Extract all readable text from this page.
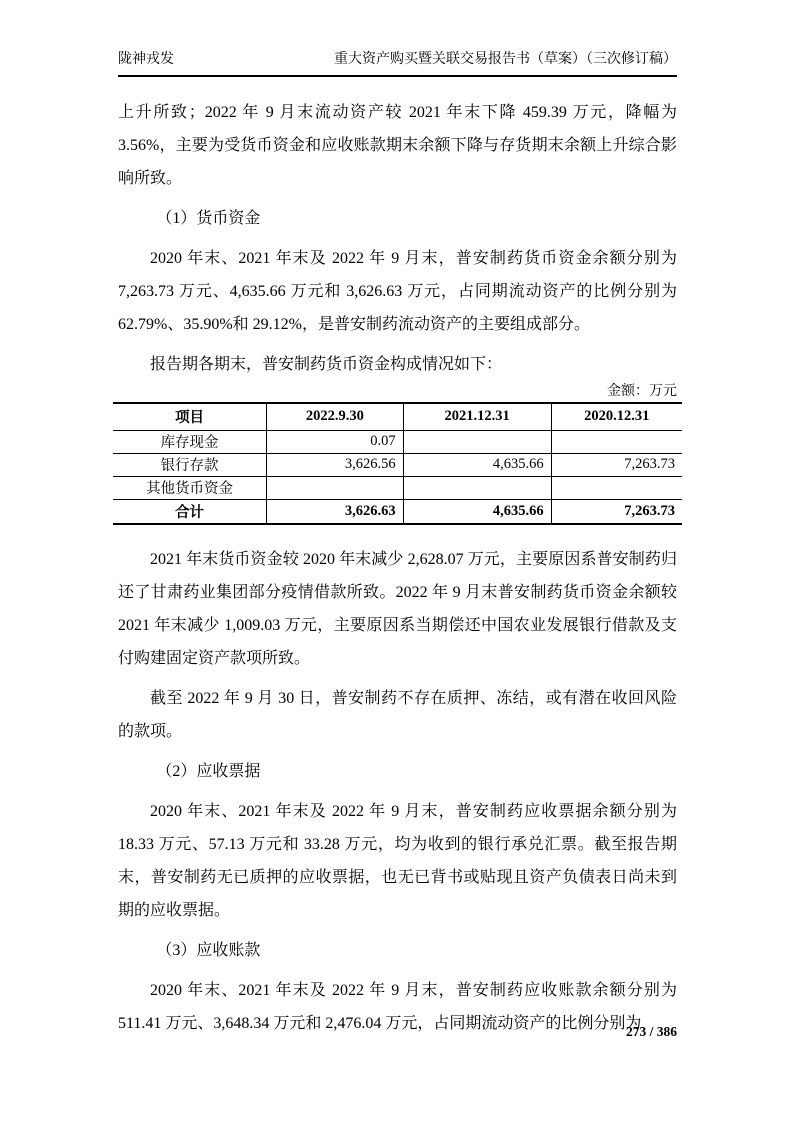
陇神戎发	重大资产购买暨关联交易报告书（草案）（三次修订稿）

上升所致；2022 年 9 月末流动资产较 2021 年末下降 459.39 万元，降幅为 3.56%，主要为受货币资金和应收账款期末余额下降与存货期末余额上升综合影响所致。

（1）货币资金

2020 年末、2021 年末及 2022 年 9 月末，普安制药货币资金余额分别为 7,263.73 万元、4,635.66 万元和 3,626.63 万元，占同期流动资产的比例分别为 62.79%、35.90%和 29.12%，是普安制药流动资产的主要组成部分。

报告期各期末，普安制药货币资金构成情况如下：

金额：万元
项目	2022.9.30	2021.12.31	2020.12.31
库存现金	0.07		
银行存款	3,626.56	4,635.66	7,263.73
其他货币资金			
合计	3,626.63	4,635.66	7,263.73

2021 年末货币资金较 2020 年末减少 2,628.07 万元，主要原因系普安制药归还了甘肃药业集团部分疫情借款所致。2022 年 9 月末普安制药货币资金余额较 2021 年末减少 1,009.03 万元，主要原因系当期偿还中国农业发展银行借款及支付购建固定资产款项所致。

截至 2022 年 9 月 30 日，普安制药不存在质押、冻结，或有潜在收回风险的款项。

（2）应收票据

2020 年末、2021 年末及 2022 年 9 月末，普安制药应收票据余额分别为 18.33 万元、57.13 万元和 33.28 万元，均为收到的银行承兑汇票。截至报告期末，普安制药无已质押的应收票据，也无已背书或贴现且资产负债表日尚未到期的应收票据。

（3）应收账款

2020 年末、2021 年末及 2022 年 9 月末，普安制药应收账款余额分别为 511.41 万元、3,648.34 万元和 2,476.04 万元，占同期流动资产的比例分别为

273 / 386
